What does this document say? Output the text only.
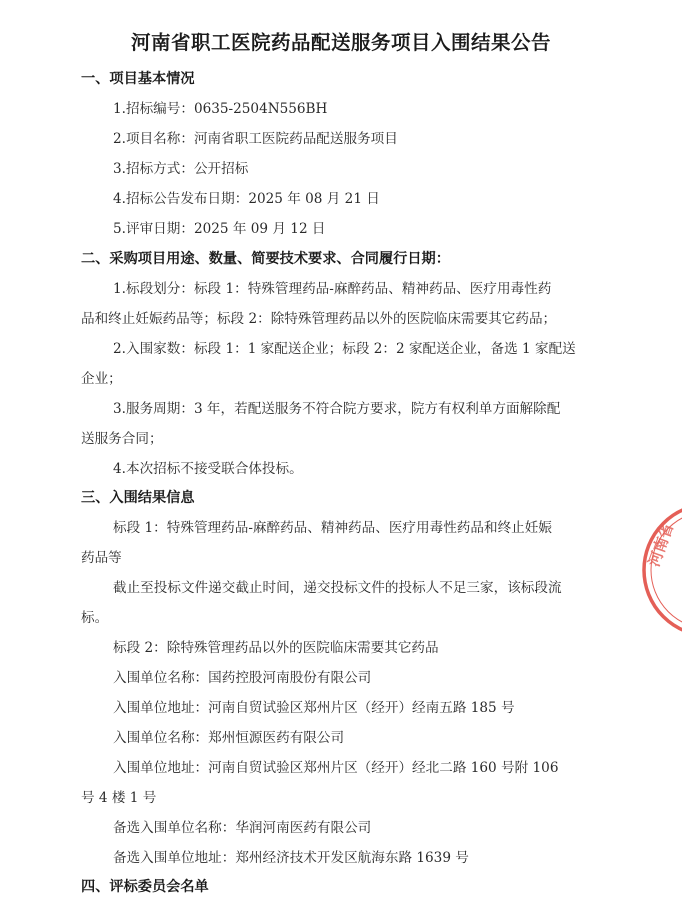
河南省职工医院药品配送服务项目入围结果公告
一、项目基本情况
1.招标编号：0635-2504N556BH
2.项目名称：河南省职工医院药品配送服务项目
3.招标方式：公开招标
4.招标公告发布日期：2025 年 08 月 21 日
5.评审日期：2025 年 09 月 12 日
二、采购项目用途、数量、简要技术要求、合同履行日期：
1.标段划分：标段 1：特殊管理药品-麻醉药品、精神药品、医疗用毒性药
品和终止妊娠药品等；标段 2：除特殊管理药品以外的医院临床需要其它药品；
2.入围家数：标段 1：1 家配送企业；标段 2：2 家配送企业，备选 1 家配送
企业；
3.服务周期：3 年，若配送服务不符合院方要求，院方有权利单方面解除配
送服务合同；
4.本次招标不接受联合体投标。
三、入围结果信息
标段 1：特殊管理药品-麻醉药品、精神药品、医疗用毒性药品和终止妊娠
药品等
截止至投标文件递交截止时间，递交投标文件的投标人不足三家，该标段流
标。
标段 2：除特殊管理药品以外的医院临床需要其它药品
入围单位名称：国药控股河南股份有限公司
入围单位地址：河南自贸试验区郑州片区（经开）经南五路 185 号
入围单位名称：郑州恒源医药有限公司
入围单位地址：河南自贸试验区郑州片区（经开）经北二路 160 号附 106
号 4 楼 1 号
备选入围单位名称：华润河南医药有限公司
备选入围单位地址：郑州经济技术开发区航海东路 1639 号
四、评标委员会名单
河南省
